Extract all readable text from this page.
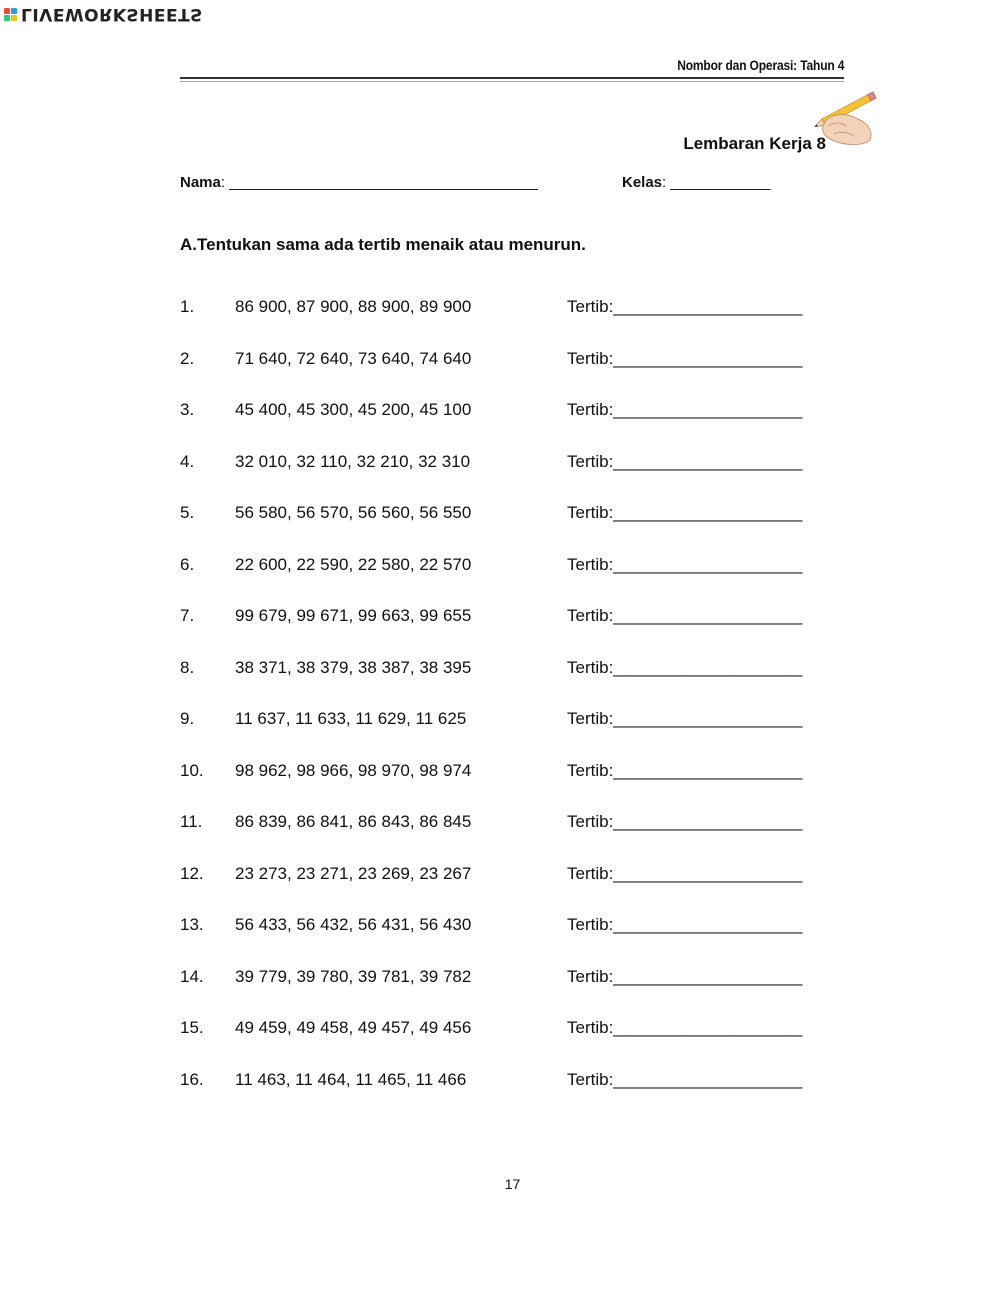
LIVEWORKSHEETS
Nombor dan Operasi: Tahun 4
Lembaran Kerja 8
Nama: _____________________________________	Kelas: ____________
A.Tentukan sama ada tertib menaik atau menurun.
1. 86 900, 87 900, 88 900, 89 900	Tertib:____________________
2. 71 640, 72 640, 73 640, 74 640	Tertib:____________________
3. 45 400, 45 300, 45 200, 45 100	Tertib:____________________
4. 32 010, 32 110, 32 210, 32 310	Tertib:____________________
5. 56 580, 56 570, 56 560, 56 550	Tertib:____________________
6. 22 600, 22 590, 22 580, 22 570	Tertib:____________________
7. 99 679, 99 671, 99 663, 99 655	Tertib:____________________
8. 38 371, 38 379, 38 387, 38 395	Tertib:____________________
9. 11 637, 11 633, 11 629, 11 625	Tertib:____________________
10. 98 962, 98 966, 98 970, 98 974	Tertib:____________________
11. 86 839, 86 841, 86 843, 86 845	Tertib:____________________
12. 23 273, 23 271, 23 269, 23 267	Tertib:____________________
13. 56 433, 56 432, 56 431, 56 430	Tertib:____________________
14. 39 779, 39 780, 39 781, 39 782	Tertib:____________________
15. 49 459, 49 458, 49 457, 49 456	Tertib:____________________
16. 11 463, 11 464, 11 465, 11 466	Tertib:____________________
17
